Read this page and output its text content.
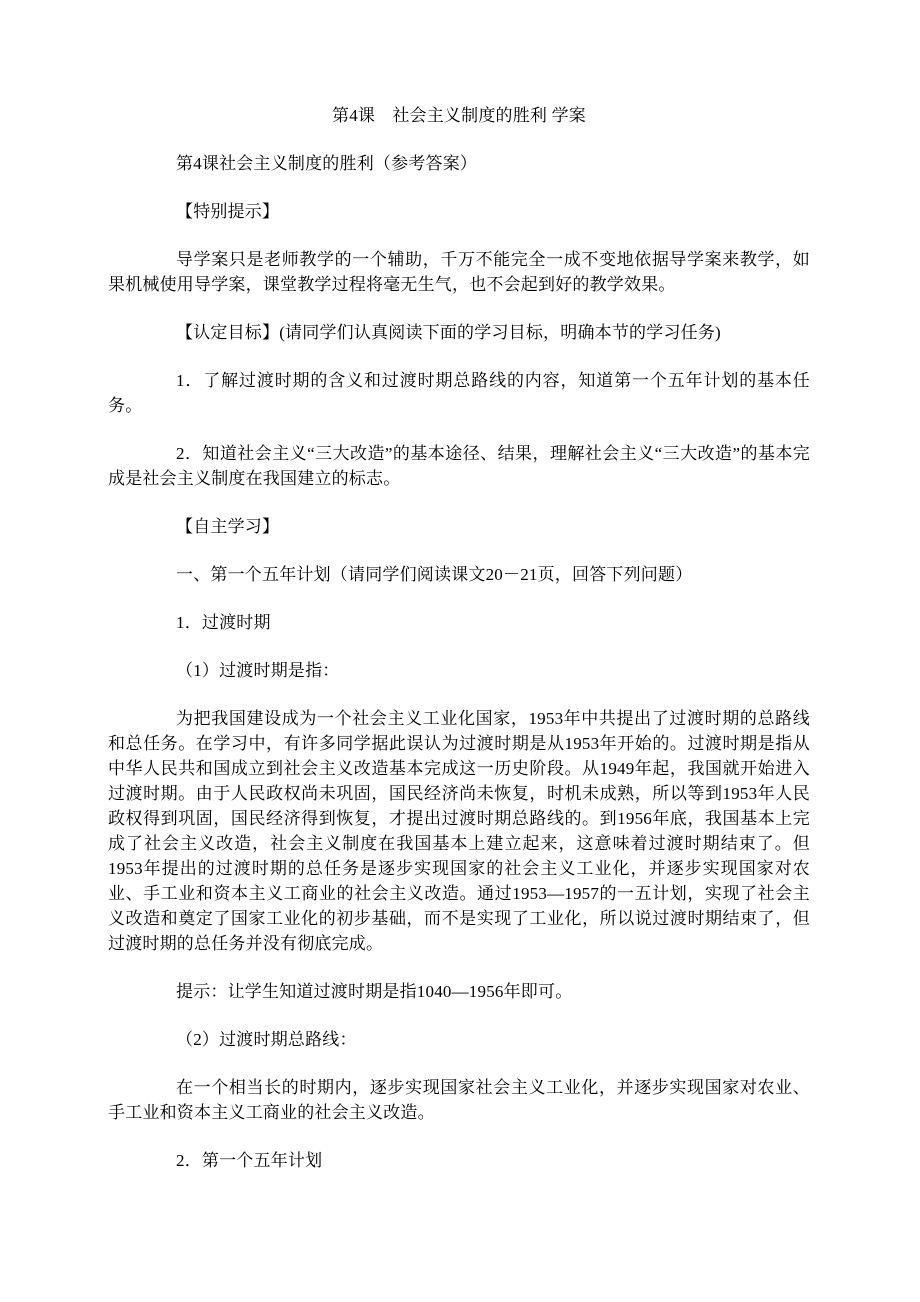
第4课　社会主义制度的胜利 学案

第4课社会主义制度的胜利（参考答案）

【特别提示】

导学案只是老师教学的一个辅助，千万不能完全一成不变地依据导学案来教学，如果机械使用导学案，课堂教学过程将毫无生气，也不会起到好的教学效果。

【认定目标】(请同学们认真阅读下面的学习目标，明确本节的学习任务)

1．了解过渡时期的含义和过渡时期总路线的内容，知道第一个五年计划的基本任务。

2．知道社会主义“三大改造”的基本途径、结果，理解社会主义“三大改造”的基本完成是社会主义制度在我国建立的标志。

【自主学习】

一、第一个五年计划（请同学们阅读课文20－21页，回答下列问题）

1．过渡时期

（1）过渡时期是指：

为把我国建设成为一个社会主义工业化国家，1953年中共提出了过渡时期的总路线和总任务。在学习中，有许多同学据此误认为过渡时期是从1953年开始的。过渡时期是指从中华人民共和国成立到社会主义改造基本完成这一历史阶段。从1949年起，我国就开始进入过渡时期。由于人民政权尚未巩固，国民经济尚未恢复，时机未成熟，所以等到1953年人民政权得到巩固，国民经济得到恢复，才提出过渡时期总路线的。到1956年底，我国基本上完成了社会主义改造，社会主义制度在我国基本上建立起来，这意味着过渡时期结束了。但1953年提出的过渡时期的总任务是逐步实现国家的社会主义工业化，并逐步实现国家对农业、手工业和资本主义工商业的社会主义改造。通过1953—1957的一五计划，实现了社会主义改造和奠定了国家工业化的初步基础，而不是实现了工业化，所以说过渡时期结束了，但过渡时期的总任务并没有彻底完成。

提示：让学生知道过渡时期是指1040—1956年即可。

（2）过渡时期总路线：

在一个相当长的时期内，逐步实现国家社会主义工业化，并逐步实现国家对农业、手工业和资本主义工商业的社会主义改造。

2．第一个五年计划
